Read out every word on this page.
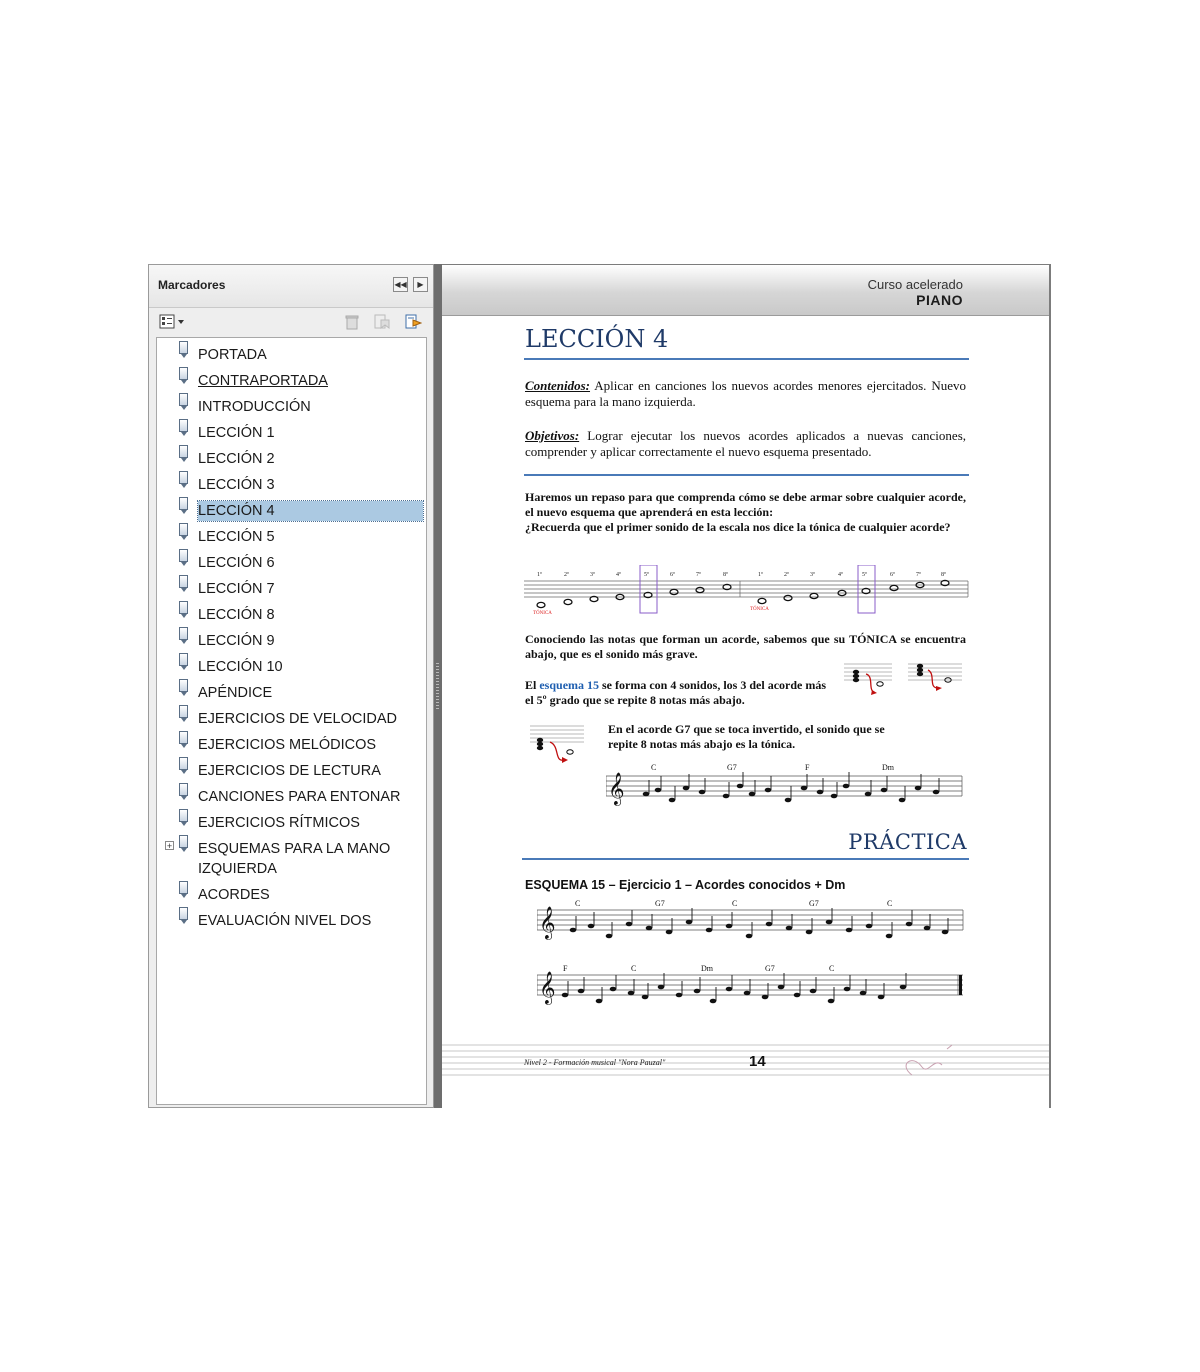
Marcadores	◀◀	▶
PORTADA
CONTRAPORTADA
INTRODUCCIÓN
LECCIÓN 1
LECCIÓN 2
LECCIÓN 3
LECCIÓN 4
LECCIÓN 5
LECCIÓN 6
LECCIÓN 7
LECCIÓN 8
LECCIÓN 9
LECCIÓN 10
APÉNDICE
EJERCICIOS DE VELOCIDAD
EJERCICIOS MELÓDICOS
EJERCICIOS DE LECTURA
CANCIONES PARA ENTONAR
EJERCICIOS RÍTMICOS
+ ESQUEMAS PARA LA MANO IZQUIERDA
ACORDES
EVALUACIÓN NIVEL DOS
Curso acelerado
PIANO
LECCIÓN 4
Contenidos: Aplicar en canciones los nuevos acordes menores ejercitados. Nuevo esquema para la mano izquierda.
Objetivos: Lograr ejecutar los nuevos acordes aplicados a nuevas canciones, comprender y aplicar correctamente el nuevo esquema presentado.
Haremos un repaso para que comprenda cómo se debe armar sobre cualquier acorde, el nuevo esquema que aprenderá en esta lección:
¿Recuerda que el primer sonido de la escala nos dice la tónica de cualquier acorde?
1º	2º	3º	4º	5º	6º	7º	8º	1º	2º	3º	4º	5º	6º	7º	8º
TÓNICA
TÓNICA
Conociendo las notas que forman un acorde, sabemos que su TÓNICA se encuentra abajo, que es el sonido más grave.
El esquema 15 se forma con 4 sonidos, los 3 del acorde más el 5º grado que se repite 8 notas más abajo.
En el acorde G7 que se toca invertido, el sonido que se repite 8 notas más abajo es la tónica.
𝄞
C	G7	F	Dm
PRÁCTICA
ESQUEMA 15 – Ejercicio 1 – Acordes conocidos + Dm
𝄞
C	G7	C	G7	C
𝄞
F	C	Dm	G7	C
Nivel 2 - Formación musical "Nora Pauzal"	14
